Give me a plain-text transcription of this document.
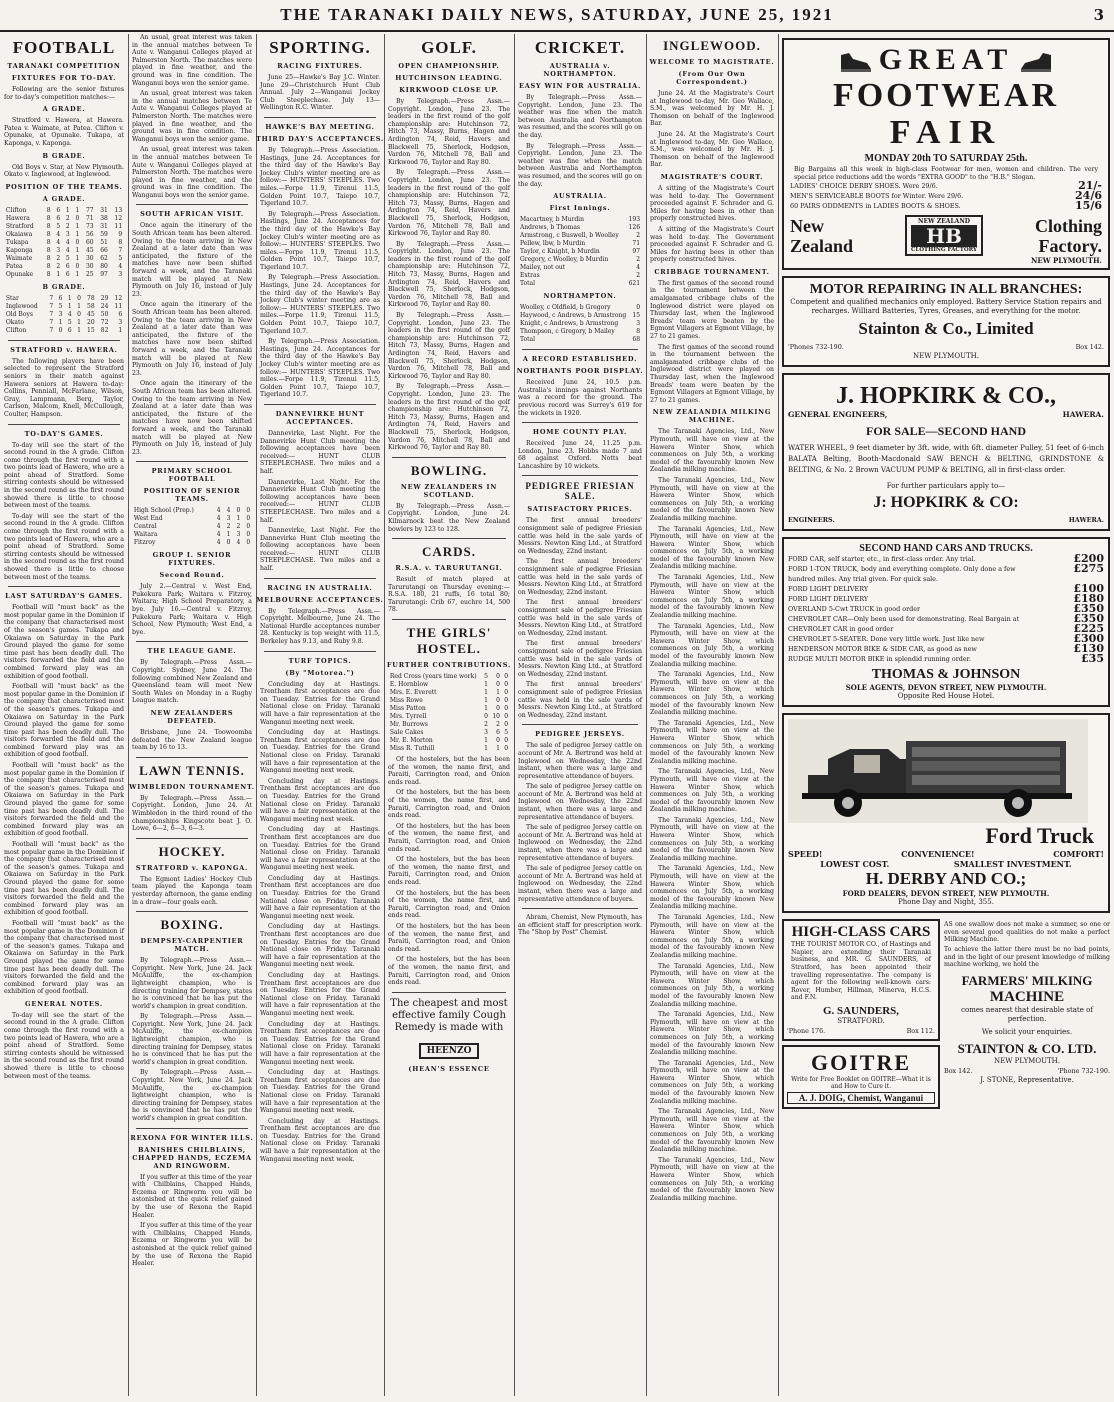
THE TARANAKI DAILY NEWS, SATURDAY, JUNE 25, 1921	3
FOOTBALL
TARANAKI COMPETITION
FIXTURES FOR TO-DAY.

Following are the senior fixtures for to-day's competition matches:—

A GRADE.

Stratford v. Hawera, at Hawera. Patea v. Waimate, at Patea. Clifton v. Opunake, at Opunake. Tukapa, at Kaponga, v. Kaponga.

B GRADE.

Old Boys v. Star, at New Plymouth. Okato v. Inglewood, at Inglewood.

POSITION OF THE TEAMS.
A GRADE.
Clifton	8	6	1	1	77	31	13
Hawera	8	6	2	0	71	38	12
Stratford	8	5	2	1	73	31	11
Okaiawa	8	4	3	1	56	59	9
Tukapa	8	4	4	0	60	51	8
Kaponga	8	3	4	1	45	66	7
Waimate	8	2	5	1	30	62	5
Patea	8	2	6	0	30	80	4
Opunake	8	1	6	1	25	97	3
B GRADE.
Star	7	6	1	0	78	29	12
Inglewood	7	5	1	1	58	24	11
Old Boys	7	3	4	0	45	50	6
Okato	7	1	5	1	20	72	3
Clifton	7	0	6	1	15	82	1
STRATFORD v. HAWERA.

The following players have been selected to represent the Stratford seniors in their match against Hawera seniors at Hawera to-day: Collins, Penniall, McFarlane, Wilson, Gray, Lampmann, Berg, Taylor, Carlson, Malcom, Knell, McCullough, Coulter, Hampson.

TO-DAY'S GAMES.

To-day will see the start of the second round in the A grade. Clifton come through the first round with a two points lead of Hawera, who are a point ahead of Stratford. Some stirring contests should be witnessed in the second round as the first round showed there is little to choose between most of the teams.

To-day will see the start of the second round in the A grade. Clifton come through the first round with a two points lead of Hawera, who are a point ahead of Stratford. Some stirring contests should be witnessed in the second round as the first round showed there is little to choose between most of the teams.

LAST SATURDAY'S GAMES.

Football will "must back" as the most popular game in the Dominion if the company that characterised most of the season's games. Tukapa and Okaiawa on Saturday in the Park Ground played the game for some time past has been deadly dull. The visitors forwarded the field and the combined forward play was an exhibition of good football.

Football will "must back" as the most popular game in the Dominion if the company that characterised most of the season's games. Tukapa and Okaiawa on Saturday in the Park Ground played the game for some time past has been deadly dull. The visitors forwarded the field and the combined forward play was an exhibition of good football.

Football will "must back" as the most popular game in the Dominion if the company that characterised most of the season's games. Tukapa and Okaiawa on Saturday in the Park Ground played the game for some time past has been deadly dull. The visitors forwarded the field and the combined forward play was an exhibition of good football.

Football will "must back" as the most popular game in the Dominion if the company that characterised most of the season's games. Tukapa and Okaiawa on Saturday in the Park Ground played the game for some time past has been deadly dull. The visitors forwarded the field and the combined forward play was an exhibition of good football.

Football will "must back" as the most popular game in the Dominion if the company that characterised most of the season's games. Tukapa and Okaiawa on Saturday in the Park Ground played the game for some time past has been deadly dull. The visitors forwarded the field and the combined forward play was an exhibition of good football.

GENERAL NOTES.

To-day will see the start of the second round in the A grade. Clifton come through the first round with a two points lead of Hawera, who are a point ahead of Stratford. Some stirring contests should be witnessed in the second round as the first round showed there is little to choose between most of the teams.

An usual, great interest was taken in the annual matches between Te Aute v. Wanganui Colleges played at Palmerston North. The matches were played in fine weather, and the ground was in fine condition. The Wanganui boys won the senior game.

An usual, great interest was taken in the annual matches between Te Aute v. Wanganui Colleges played at Palmerston North. The matches were played in fine weather, and the ground was in fine condition. The Wanganui boys won the senior game.

An usual, great interest was taken in the annual matches between Te Aute v. Wanganui Colleges played at Palmerston North. The matches were played in fine weather, and the ground was in fine condition. The Wanganui boys won the senior game.

SOUTH AFRICAN VISIT.

Once again the itinerary of the South African team has been altered. Owing to the team arriving in New Zealand at a later date than was anticipated, the fixture of the matches have now been shifted forward a week, and the Taranaki match will be played at New Plymouth on July 16, instead of July 23.

Once again the itinerary of the South African team has been altered. Owing to the team arriving in New Zealand at a later date than was anticipated, the fixture of the matches have now been shifted forward a week, and the Taranaki match will be played at New Plymouth on July 16, instead of July 23.

Once again the itinerary of the South African team has been altered. Owing to the team arriving in New Zealand at a later date than was anticipated, the fixture of the matches have now been shifted forward a week, and the Taranaki match will be played at New Plymouth on July 16, instead of July 23.

PRIMARY SCHOOL FOOTBALL
POSITION OF SENIOR TEAMS.
High School (Prep.)	4	4	0	0
West End	4	3	1	0
Central	4	2	2	0
Waitara	4	1	3	0
Fitzroy	4	0	4	0
GROUP I. SENIOR FIXTURES.
Second Round.

July 2.—Central v. West End, Pukekura Park; Waitara v. Fitzroy, Waitara; High School Preparatory, a bye. July 16.—Central v. Fitzroy, Pukekura Park; Waitara v. High School, New Plymouth; West End, a bye.

THE LEAGUE GAME.

By Telegraph.—Press Assn.—Copyright. Sydney, June 24. The following combined New Zealand and Queensland team will meet New South Wales on Monday in a Rugby League match.

NEW ZEALANDERS DEFEATED.

Brisbane, June 24. Toowoomba defeated the New Zealand league team by 16 to 13.

LAWN TENNIS.
WIMBLEDON TOURNAMENT.

By Telegraph.—Press Assn.—Copyright. London, June 24. At Wimbledon in the third round of the championships Kingscote beat J. O. Lowe, 6—2, 6—3, 6—3.

HOCKEY.
STRATFORD v. KAPONGA.

The Egmont Ladies' Hockey Club team played the Kaponga team yesterday afternoon, the game ending in a draw—four goals each.

BOXING.
DEMPSEY-CARPENTIER MATCH.

By Telegraph.—Press Assn.—Copyright. New York, June 24. Jack McAuliffe, the ex-champion lightweight champion, who is directing training for Dempsey, states he is convinced that he has put the world's champion in great condition.

By Telegraph.—Press Assn.—Copyright. New York, June 24. Jack McAuliffe, the ex-champion lightweight champion, who is directing training for Dempsey, states he is convinced that he has put the world's champion in great condition.

By Telegraph.—Press Assn.—Copyright. New York, June 24. Jack McAuliffe, the ex-champion lightweight champion, who is directing training for Dempsey, states he is convinced that he has put the world's champion in great condition.

REXONA FOR WINTER ILLS.
BANISHES CHILBLAINS, CHAPPED HANDS, ECZEMA AND RINGWORM.

If you suffer at this time of the year with Chilblains, Chapped Hands, Eczema or Ringworm you will be astonished at the quick relief gained by the use of Rexona the Rapid Healer.

If you suffer at this time of the year with Chilblains, Chapped Hands, Eczema or Ringworm you will be astonished at the quick relief gained by the use of Rexona the Rapid Healer.

SPORTING.
RACING FIXTURES.

June 25—Hawke's Bay J.C. Winter. June 29—Christchurch Hunt Club Annual. July 2—Wanganui Jockey Club Steeplechase. July 13—Wellington R.C. Winter.

HAWKE'S BAY MEETING.
THIRD DAY'S ACCEPTANCES.

By Telegraph.—Press Association. Hastings, June 24. Acceptances for the third day of the Hawke's Bay Jockey Club's winter meeting are as follow:— HUNTERS' STEEPLES. Two miles.—Forpe 11.9, Tirenui 11.5, Golden Point 10.7, Taiepo 10.7, Tigerland 10.7.

By Telegraph.—Press Association. Hastings, June 24. Acceptances for the third day of the Hawke's Bay Jockey Club's winter meeting are as follow:— HUNTERS' STEEPLES. Two miles.—Forpe 11.9, Tirenui 11.5, Golden Point 10.7, Taiepo 10.7, Tigerland 10.7.

By Telegraph.—Press Association. Hastings, June 24. Acceptances for the third day of the Hawke's Bay Jockey Club's winter meeting are as follow:— HUNTERS' STEEPLES. Two miles.—Forpe 11.9, Tirenui 11.5, Golden Point 10.7, Taiepo 10.7, Tigerland 10.7.

By Telegraph.—Press Association. Hastings, June 24. Acceptances for the third day of the Hawke's Bay Jockey Club's winter meeting are as follow:— HUNTERS' STEEPLES. Two miles.—Forpe 11.9, Tirenui 11.5, Golden Point 10.7, Taiepo 10.7, Tigerland 10.7.

DANNEVIRKE HUNT ACCEPTANCES.

Dannevirke, Last Night. For the Dannevirke Hunt Club meeting the following acceptances have been received:— HUNT CLUB STEEPLECHASE. Two miles and a half.

Dannevirke, Last Night. For the Dannevirke Hunt Club meeting the following acceptances have been received:— HUNT CLUB STEEPLECHASE. Two miles and a half.

Dannevirke, Last Night. For the Dannevirke Hunt Club meeting the following acceptances have been received:— HUNT CLUB STEEPLECHASE. Two miles and a half.

RACING IN AUSTRALIA.
MELBOURNE ACCEPTANCES.

By Telegraph.—Press Assn.—Copyright. Melbourne, June 24. The National Hurdle acceptances number 28. Kentucky is top weight with 11.5, Berkeley has 9.13, and Ruby 9.8.

TURF TOPICS.
(By "Motorea.")

Concluding day at Hastings. Trentham first acceptances are due on Tuesday. Entries for the Grand National close on Friday. Taranaki will have a fair representation at the Wanganui meeting next week.

Concluding day at Hastings. Trentham first acceptances are due on Tuesday. Entries for the Grand National close on Friday. Taranaki will have a fair representation at the Wanganui meeting next week.

Concluding day at Hastings. Trentham first acceptances are due on Tuesday. Entries for the Grand National close on Friday. Taranaki will have a fair representation at the Wanganui meeting next week.

Concluding day at Hastings. Trentham first acceptances are due on Tuesday. Entries for the Grand National close on Friday. Taranaki will have a fair representation at the Wanganui meeting next week.

Concluding day at Hastings. Trentham first acceptances are due on Tuesday. Entries for the Grand National close on Friday. Taranaki will have a fair representation at the Wanganui meeting next week.

Concluding day at Hastings. Trentham first acceptances are due on Tuesday. Entries for the Grand National close on Friday. Taranaki will have a fair representation at the Wanganui meeting next week.

Concluding day at Hastings. Trentham first acceptances are due on Tuesday. Entries for the Grand National close on Friday. Taranaki will have a fair representation at the Wanganui meeting next week.

Concluding day at Hastings. Trentham first acceptances are due on Tuesday. Entries for the Grand National close on Friday. Taranaki will have a fair representation at the Wanganui meeting next week.

Concluding day at Hastings. Trentham first acceptances are due on Tuesday. Entries for the Grand National close on Friday. Taranaki will have a fair representation at the Wanganui meeting next week.

Concluding day at Hastings. Trentham first acceptances are due on Tuesday. Entries for the Grand National close on Friday. Taranaki will have a fair representation at the Wanganui meeting next week.

GOLF.
OPEN CHAMPIONSHIP.
HUTCHINSON LEADING.
KIRKWOOD CLOSE UP.

By Telegraph.—Press Assn.—Copyright. London, June 23. The leaders in the first round of the golf championship are: Hutchinson 72, Hitch 73, Massy, Burns, Hagen and Ardington 74, Reid, Havers and Blackwell 75, Sherlock, Hodgson, Vardon 76, Mitchell 78, Ball and Kirkwood 76, Taylor and Ray 80.

By Telegraph.—Press Assn.—Copyright. London, June 23. The leaders in the first round of the golf championship are: Hutchinson 72, Hitch 73, Massy, Burns, Hagen and Ardington 74, Reid, Havers and Blackwell 75, Sherlock, Hodgson, Vardon 76, Mitchell 78, Ball and Kirkwood 76, Taylor and Ray 80.

By Telegraph.—Press Assn.—Copyright. London, June 23. The leaders in the first round of the golf championship are: Hutchinson 72, Hitch 73, Massy, Burns, Hagen and Ardington 74, Reid, Havers and Blackwell 75, Sherlock, Hodgson, Vardon 76, Mitchell 78, Ball and Kirkwood 76, Taylor and Ray 80.

By Telegraph.—Press Assn.—Copyright. London, June 23. The leaders in the first round of the golf championship are: Hutchinson 72, Hitch 73, Massy, Burns, Hagen and Ardington 74, Reid, Havers and Blackwell 75, Sherlock, Hodgson, Vardon 76, Mitchell 78, Ball and Kirkwood 76, Taylor and Ray 80.

By Telegraph.—Press Assn.—Copyright. London, June 23. The leaders in the first round of the golf championship are: Hutchinson 72, Hitch 73, Massy, Burns, Hagen and Ardington 74, Reid, Havers and Blackwell 75, Sherlock, Hodgson, Vardon 76, Mitchell 78, Ball and Kirkwood 76, Taylor and Ray 80.

BOWLING.
NEW ZEALANDERS IN SCOTLAND.

By Telegraph.—Press Assn.—Copyright. London, June 24. Kilmarnock beat the New Zealand bowlers by 123 to 128.

CARDS.
R.S.A. v. TARURUTANGI.

Result of match played at Tarurutangi on Thursday evening:—R.S.A. 180, 21 ruffs, 16 total 80; Tarurutangi: Crib 67, euchre 14, 500 78.

THE GIRLS' HOSTEL.
FURTHER CONTRIBUTIONS.
Red Cross (years time work)	5	0	0
E. Hornblow	1	0	0
Mrs. E. Everett	1	1	0
Miss Rowe	1	0	0
Miss Patton	1	0	0
Mrs. Tyrrell	0	10	0
Mr. Burrows	2	2	0
Sale Cakes	3	6	5
Mr. E. Morton	1	0	0
Miss R. Tuthill	1	1	0

Of the hostelers, but the has been of the women, the name first, and Paraiti, Carrington road, and Onion ends read.

Of the hostelers, but the has been of the women, the name first, and Paraiti, Carrington road, and Onion ends read.

Of the hostelers, but the has been of the women, the name first, and Paraiti, Carrington road, and Onion ends read.

Of the hostelers, but the has been of the women, the name first, and Paraiti, Carrington road, and Onion ends read.

Of the hostelers, but the has been of the women, the name first, and Paraiti, Carrington road, and Onion ends read.

Of the hostelers, but the has been of the women, the name first, and Paraiti, Carrington road, and Onion ends read.

Of the hostelers, but the has been of the women, the name first, and Paraiti, Carrington road, and Onion ends read.

The cheapest and most effective family Cough Remedy is made with
HEENZO
(HEAN'S ESSENCE
CRICKET.
AUSTRALIA v. NORTHAMPTON.
EASY WIN FOR AUSTRALIA.

By Telegraph.—Press Assn.—Copyright. London, June 23. The weather was fine when the match between Australia and Northampton was resumed, and the scores will go on the day.

By Telegraph.—Press Assn.—Copyright. London, June 23. The weather was fine when the match between Australia and Northampton was resumed, and the scores will go on the day.

AUSTRALIA.
First Innings.
Macartney, b Murdin	193
Andrews, b Thomas	126
Armstrong, c Buswell, b Woolley	2
Pellew, lbw, b Murdin	71
Taylor, c Knight, b Murdin	97
Gregory, c Woolley, b Murdin	2
Mailey, not out	4
Extras	2
Total	621
NORTHAMPTON.
Woolley, c Oldfield, b Gregory	0
Haywood, c Andrews, b Armstrong	15
Knight, c Andrews, b Armstrong	3
Thompson, c Gregory, b Mailey	8
Total	68
A RECORD ESTABLISHED.
NORTHANTS POOR DISPLAY.

Received June 24, 10.5 p.m. Australia's innings against Northants was a record for the ground. The previous record was Surrey's 619 for the wickets in 1920.

HOME COUNTY PLAY.

Received June 24, 11.25 p.m. London, June 23. Hobbs made 7 and 68 against Oxford. Notts beat Lancashire by 10 wickets.

PEDIGREE FRIESIAN SALE.
SATISFACTORY PRICES.

The first annual breeders' consignment sale of pedigree Friesian cattle was held in the sale yards of Messrs. Newton King Ltd., at Stratford on Wednesday, 22nd instant.

The first annual breeders' consignment sale of pedigree Friesian cattle was held in the sale yards of Messrs. Newton King Ltd., at Stratford on Wednesday, 22nd instant.

The first annual breeders' consignment sale of pedigree Friesian cattle was held in the sale yards of Messrs. Newton King Ltd., at Stratford on Wednesday, 22nd instant.

The first annual breeders' consignment sale of pedigree Friesian cattle was held in the sale yards of Messrs. Newton King Ltd., at Stratford on Wednesday, 22nd instant.

The first annual breeders' consignment sale of pedigree Friesian cattle was held in the sale yards of Messrs. Newton King Ltd., at Stratford on Wednesday, 22nd instant.

PEDIGREE JERSEYS.

The sale of pedigree Jersey cattle on account of Mr. A. Bertrand was held at Inglewood on Wednesday, the 22nd instant, when there was a large and representative attendance of buyers.

The sale of pedigree Jersey cattle on account of Mr. A. Bertrand was held at Inglewood on Wednesday, the 22nd instant, when there was a large and representative attendance of buyers.

The sale of pedigree Jersey cattle on account of Mr. A. Bertrand was held at Inglewood on Wednesday, the 22nd instant, when there was a large and representative attendance of buyers.

The sale of pedigree Jersey cattle on account of Mr. A. Bertrand was held at Inglewood on Wednesday, the 22nd instant, when there was a large and representative attendance of buyers.

Abram, Chemist, New Plymouth, has an efficient staff for prescription work. The "Shop by Post" Chemist.

INGLEWOOD.
WELCOME TO MAGISTRATE.
(From Our Own Correspondent.)

June 24. At the Magistrate's Court at Inglewood to-day, Mr. Geo Wallace, S.M., was welcomed by Mr. H. J. Thomson on behalf of the Inglewood Bar.

June 24. At the Magistrate's Court at Inglewood to-day, Mr. Geo Wallace, S.M., was welcomed by Mr. H. J. Thomson on behalf of the Inglewood Bar.

MAGISTRATE'S COURT.

A sitting of the Magistrate's Court was held to-day. The Government proceeded against F. Schrader and G. Miles for having bees in other than properly constructed hives.

A sitting of the Magistrate's Court was held to-day. The Government proceeded against F. Schrader and G. Miles for having bees in other than properly constructed hives.

CRIBBAGE TOURNAMENT.

The first games of the second round in the tournament between the amalgamated cribbage clubs of the Inglewood district were played on Thursday last, when the Inglewood Breads' team were beaten by the Egmont Villagers at Egmont Village, by 27 to 21 games.

The first games of the second round in the tournament between the amalgamated cribbage clubs of the Inglewood district were played on Thursday last, when the Inglewood Breads' team were beaten by the Egmont Villagers at Egmont Village, by 27 to 21 games.

NEW ZEALANDIA MILKING MACHINE.

The Taranaki Agencies, Ltd., New Plymouth, will have on view at the Hawera Winter Show, which commences on July 5th, a working model of the favourably known New Zealandia milking machine.

The Taranaki Agencies, Ltd., New Plymouth, will have on view at the Hawera Winter Show, which commences on July 5th, a working model of the favourably known New Zealandia milking machine.

The Taranaki Agencies, Ltd., New Plymouth, will have on view at the Hawera Winter Show, which commences on July 5th, a working model of the favourably known New Zealandia milking machine.

The Taranaki Agencies, Ltd., New Plymouth, will have on view at the Hawera Winter Show, which commences on July 5th, a working model of the favourably known New Zealandia milking machine.

The Taranaki Agencies, Ltd., New Plymouth, will have on view at the Hawera Winter Show, which commences on July 5th, a working model of the favourably known New Zealandia milking machine.

The Taranaki Agencies, Ltd., New Plymouth, will have on view at the Hawera Winter Show, which commences on July 5th, a working model of the favourably known New Zealandia milking machine.

The Taranaki Agencies, Ltd., New Plymouth, will have on view at the Hawera Winter Show, which commences on July 5th, a working model of the favourably known New Zealandia milking machine.

The Taranaki Agencies, Ltd., New Plymouth, will have on view at the Hawera Winter Show, which commences on July 5th, a working model of the favourably known New Zealandia milking machine.

The Taranaki Agencies, Ltd., New Plymouth, will have on view at the Hawera Winter Show, which commences on July 5th, a working model of the favourably known New Zealandia milking machine.

The Taranaki Agencies, Ltd., New Plymouth, will have on view at the Hawera Winter Show, which commences on July 5th, a working model of the favourably known New Zealandia milking machine.

The Taranaki Agencies, Ltd., New Plymouth, will have on view at the Hawera Winter Show, which commences on July 5th, a working model of the favourably known New Zealandia milking machine.

The Taranaki Agencies, Ltd., New Plymouth, will have on view at the Hawera Winter Show, which commences on July 5th, a working model of the favourably known New Zealandia milking machine.

The Taranaki Agencies, Ltd., New Plymouth, will have on view at the Hawera Winter Show, which commences on July 5th, a working model of the favourably known New Zealandia milking machine.

The Taranaki Agencies, Ltd., New Plymouth, will have on view at the Hawera Winter Show, which commences on July 5th, a working model of the favourably known New Zealandia milking machine.

The Taranaki Agencies, Ltd., New Plymouth, will have on view at the Hawera Winter Show, which commences on July 5th, a working model of the favourably known New Zealandia milking machine.

The Taranaki Agencies, Ltd., New Plymouth, will have on view at the Hawera Winter Show, which commences on July 5th, a working model of the favourably known New Zealandia milking machine.

GREAT
FOOTWEAR
FAIR
MONDAY 20th TO SATURDAY 25th.
Big Bargains all this week in high-class Footwear for men, women and children. The very special price reductions add the words "EXTRA GOOD" to the "H.B." Slogan.
LADIES' CHOICE DERBY SHOES. Were 29/6.	21/-
MEN'S SERVICEABLE BOOTS for Winter. Were 29/6.	24/6
60 PAIRS ODDMENTS in LADIES BOOTS & SHOES.	15/6
New
Zealand
NEW ZEALAND
HB
CLOTHING FACTORY
Clothing
Factory.
NEW PLYMOUTH.
MOTOR REPAIRING IN ALL BRANCHES:
Competent and qualified mechanics only employed. Battery Service Station repairs and recharges. Williard Batteries, Tyres, Greases, and everything for the motor.
Stainton & Co., Limited
'Phones 732-190.	Box 142.
NEW PLYMOUTH.
J. HOPKIRK & CO.,
GENERAL ENGINEERS,	HAWERA.
FOR SALE—SECOND HAND
WATER WHEEL, 9 feet diameter by 3ft. wide, with 6ft. diameter Pulley, 51 feet of 6-inch BALATA Belting, Booth-Macdonald SAW BENCH & BELTING, GRINDSTONE & BELTING, & No. 2 Brown VACUUM PUMP & BELTING, all in first-class order.
For further particulars apply to—
J: HOPKIRK & CO:
ENGINEERS.	HAWERA.
SECOND HAND CARS AND TRUCKS.
FORD CAR, self starter, etc., in first-class order. Any trial.	£200
FORD 1-TON TRUCK, body and everything complete. Only done a few hundred miles. Any trial given. For quick sale.
£275
FORD LIGHT DELIVERY	£100
FORD LIGHT DELIVERY	£180
OVERLAND 5-Cwt TRUCK in good order	£350
CHEVROLET CAR—Only been used for demonstrating. Real Bargain at	£350
CHEVROLET CAR in good order	£225
CHEVROLET 5-SEATER. Done very little work. Just like new	£300
HENDERSON MOTOR BIKE & SIDE CAR, as good as new	£130
RUDGE MULTI MOTOR BIKE in splendid running order.	£35
THOMAS & JOHNSON
SOLE AGENTS, DEVON STREET, NEW PLYMOUTH.
Opposite Red House Hotel.
Ford Truck
SPEED!	CONVENIENCE!	COMFORT!
LOWEST COST.	SMALLEST INVESTMENT.
H. DERBY AND CO.;
FORD DEALERS, DEVON STREET, NEW PLYMOUTH.
Phone Day and Night, 355.
HIGH-CLASS CARS
THE TOURIST MOTOR CO., of Hastings and Napier, are extending their Taranaki business, and MR. G. SAUNDERS, of Stratford, has been appointed their travelling representative. The company is agent for the following well-known cars: Rover, Humber, Hillman, Minerva, H.C.S. and F.N.
G. SAUNDERS,
STRATFORD.
'Phone 176.	Box 112.
GOITRE
Write for Free Booklet on GOITRE—What it is and How to Cure it.
A. J. DOIG, Chemist, Wanganui
AS one swallow does not make a summer, so one or even several good qualities do not make a perfect Milking Machine.
To achieve the latter there must be no bad points, and in the light of our present knowledge of milking machine working, we hold the
FARMERS' MILKING
MACHINE
comes nearest that desirable state of perfection.
We solicit your enquiries.
STAINTON & CO. LTD.
NEW PLYMOUTH.
Box 142.	'Phone 732-190.
J. STONE, Representative.
